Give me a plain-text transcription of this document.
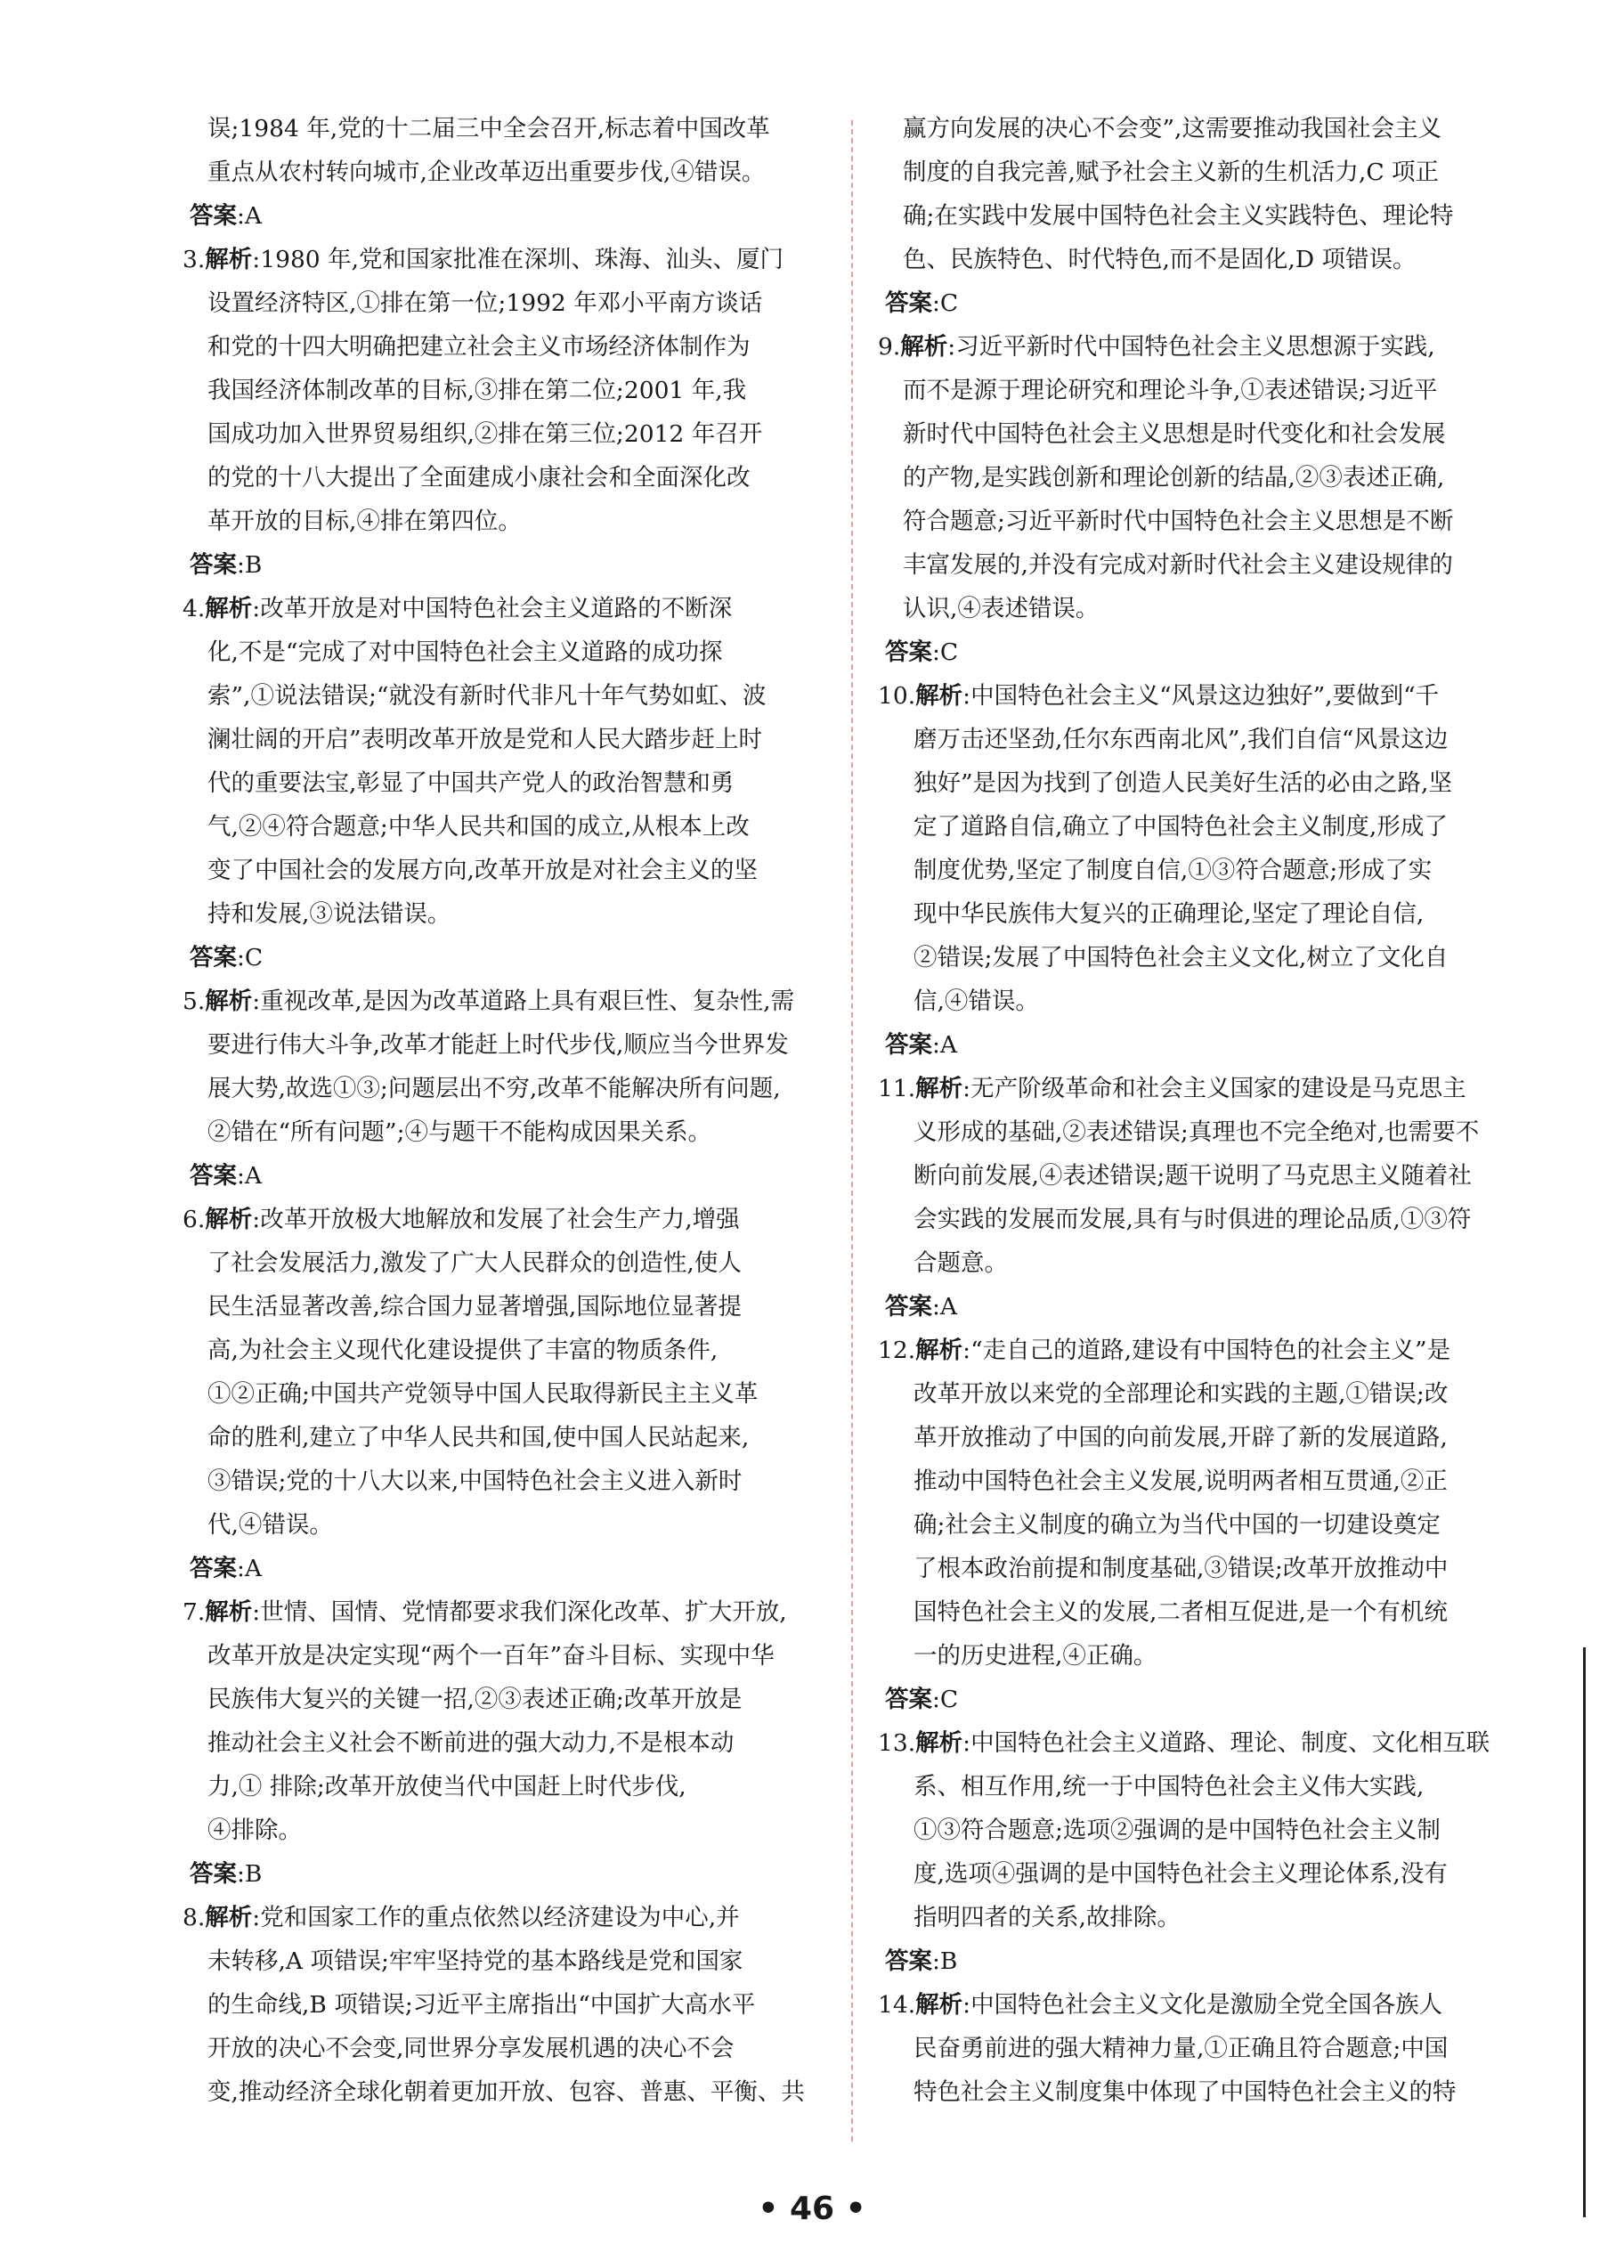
误;1984 年,党的十二届三中全会召开,标志着中国改革
重点从农村转向城市,企业改革迈出重要步伐,④错误。
答案:A
3.解析:1980 年,党和国家批准在深圳、珠海、汕头、厦门
设置经济特区,①排在第一位;1992 年邓小平南方谈话
和党的十四大明确把建立社会主义市场经济体制作为
我国经济体制改革的目标,③排在第二位;2001 年,我
国成功加入世界贸易组织,②排在第三位;2012 年召开
的党的十八大提出了全面建成小康社会和全面深化改
革开放的目标,④排在第四位。
答案:B
4.解析:改革开放是对中国特色社会主义道路的不断深
化,不是“完成了对中国特色社会主义道路的成功探
索”,①说法错误;“就没有新时代非凡十年气势如虹、波
澜壮阔的开启”表明改革开放是党和人民大踏步赶上时
代的重要法宝,彰显了中国共产党人的政治智慧和勇
气,②④符合题意;中华人民共和国的成立,从根本上改
变了中国社会的发展方向,改革开放是对社会主义的坚
持和发展,③说法错误。
答案:C
5.解析:重视改革,是因为改革道路上具有艰巨性、复杂性,需
要进行伟大斗争,改革才能赶上时代步伐,顺应当今世界发
展大势,故选①③;问题层出不穷,改革不能解决所有问题,
②错在“所有问题”;④与题干不能构成因果关系。
答案:A
6.解析:改革开放极大地解放和发展了社会生产力,增强
了社会发展活力,激发了广大人民群众的创造性,使人
民生活显著改善,综合国力显著增强,国际地位显著提
高,为社会主义现代化建设提供了丰富的物质条件,
①②正确;中国共产党领导中国人民取得新民主主义革
命的胜利,建立了中华人民共和国,使中国人民站起来,
③错误;党的十八大以来,中国特色社会主义进入新时
代,④错误。
答案:A
7.解析:世情、国情、党情都要求我们深化改革、扩大开放,
改革开放是决定实现“两个一百年”奋斗目标、实现中华
民族伟大复兴的关键一招,②③表述正确;改革开放是
推动社会主义社会不断前进的强大动力,不是根本动
力,① 排除;改革开放使当代中国赶上时代步伐,
④排除。
答案:B
8.解析:党和国家工作的重点依然以经济建设为中心,并
未转移,A 项错误;牢牢坚持党的基本路线是党和国家
的生命线,B 项错误;习近平主席指出“中国扩大高水平
开放的决心不会变,同世界分享发展机遇的决心不会
变,推动经济全球化朝着更加开放、包容、普惠、平衡、共
赢方向发展的决心不会变”,这需要推动我国社会主义
制度的自我完善,赋予社会主义新的生机活力,C 项正
确;在实践中发展中国特色社会主义实践特色、理论特
色、民族特色、时代特色,而不是固化,D 项错误。
答案:C
9.解析:习近平新时代中国特色社会主义思想源于实践,
而不是源于理论研究和理论斗争,①表述错误;习近平
新时代中国特色社会主义思想是时代变化和社会发展
的产物,是实践创新和理论创新的结晶,②③表述正确,
符合题意;习近平新时代中国特色社会主义思想是不断
丰富发展的,并没有完成对新时代社会主义建设规律的
认识,④表述错误。
答案:C
10.解析:中国特色社会主义“风景这边独好”,要做到“千
磨万击还坚劲,任尔东西南北风”,我们自信“风景这边
独好”是因为找到了创造人民美好生活的必由之路,坚
定了道路自信,确立了中国特色社会主义制度,形成了
制度优势,坚定了制度自信,①③符合题意;形成了实
现中华民族伟大复兴的正确理论,坚定了理论自信,
②错误;发展了中国特色社会主义文化,树立了文化自
信,④错误。
答案:A
11.解析:无产阶级革命和社会主义国家的建设是马克思主
义形成的基础,②表述错误;真理也不完全绝对,也需要不
断向前发展,④表述错误;题干说明了马克思主义随着社
会实践的发展而发展,具有与时俱进的理论品质,①③符
合题意。
答案:A
12.解析:“走自己的道路,建设有中国特色的社会主义”是
改革开放以来党的全部理论和实践的主题,①错误;改
革开放推动了中国的向前发展,开辟了新的发展道路,
推动中国特色社会主义发展,说明两者相互贯通,②正
确;社会主义制度的确立为当代中国的一切建设奠定
了根本政治前提和制度基础,③错误;改革开放推动中
国特色社会主义的发展,二者相互促进,是一个有机统
一的历史进程,④正确。
答案:C
13.解析:中国特色社会主义道路、理论、制度、文化相互联
系、相互作用,统一于中国特色社会主义伟大实践,
①③符合题意;选项②强调的是中国特色社会主义制
度,选项④强调的是中国特色社会主义理论体系,没有
指明四者的关系,故排除。
答案:B
14.解析:中国特色社会主义文化是激励全党全国各族人
民奋勇前进的强大精神力量,①正确且符合题意;中国
特色社会主义制度集中体现了中国特色社会主义的特
• 46 •
